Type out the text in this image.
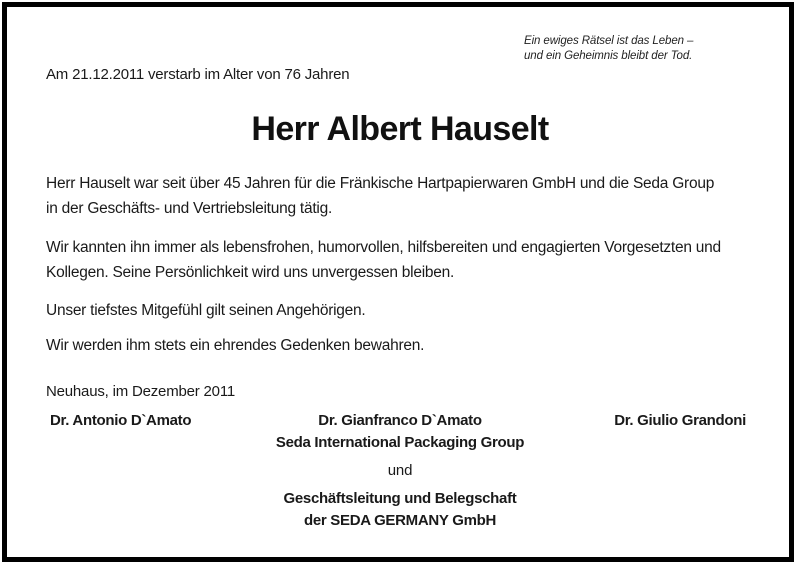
Ein ewiges Rätsel ist das Leben –
und ein Geheimnis bleibt der Tod.
Am 21.12.2011 verstarb im Alter von 76 Jahren
Herr Albert Hauselt
Herr Hauselt war seit über 45 Jahren für die Fränkische Hartpapierwaren GmbH und die Seda Group
in der Geschäfts- und Vertriebsleitung tätig.
Wir kannten ihn immer als lebensfrohen, humorvollen, hilfsbereiten und engagierten Vorgesetzten und
Kollegen. Seine Persönlichkeit wird uns unvergessen bleiben.
Unser tiefstes Mitgefühl gilt seinen Angehörigen.
Wir werden ihm stets ein ehrendes Gedenken bewahren.
Neuhaus, im Dezember 2011
Dr. Antonio D`Amato	Dr. Gianfranco D`Amato
Seda International Packaging Group
Dr. Giulio Grandoni
und
Geschäftsleitung und Belegschaft
der SEDA GERMANY GmbH
